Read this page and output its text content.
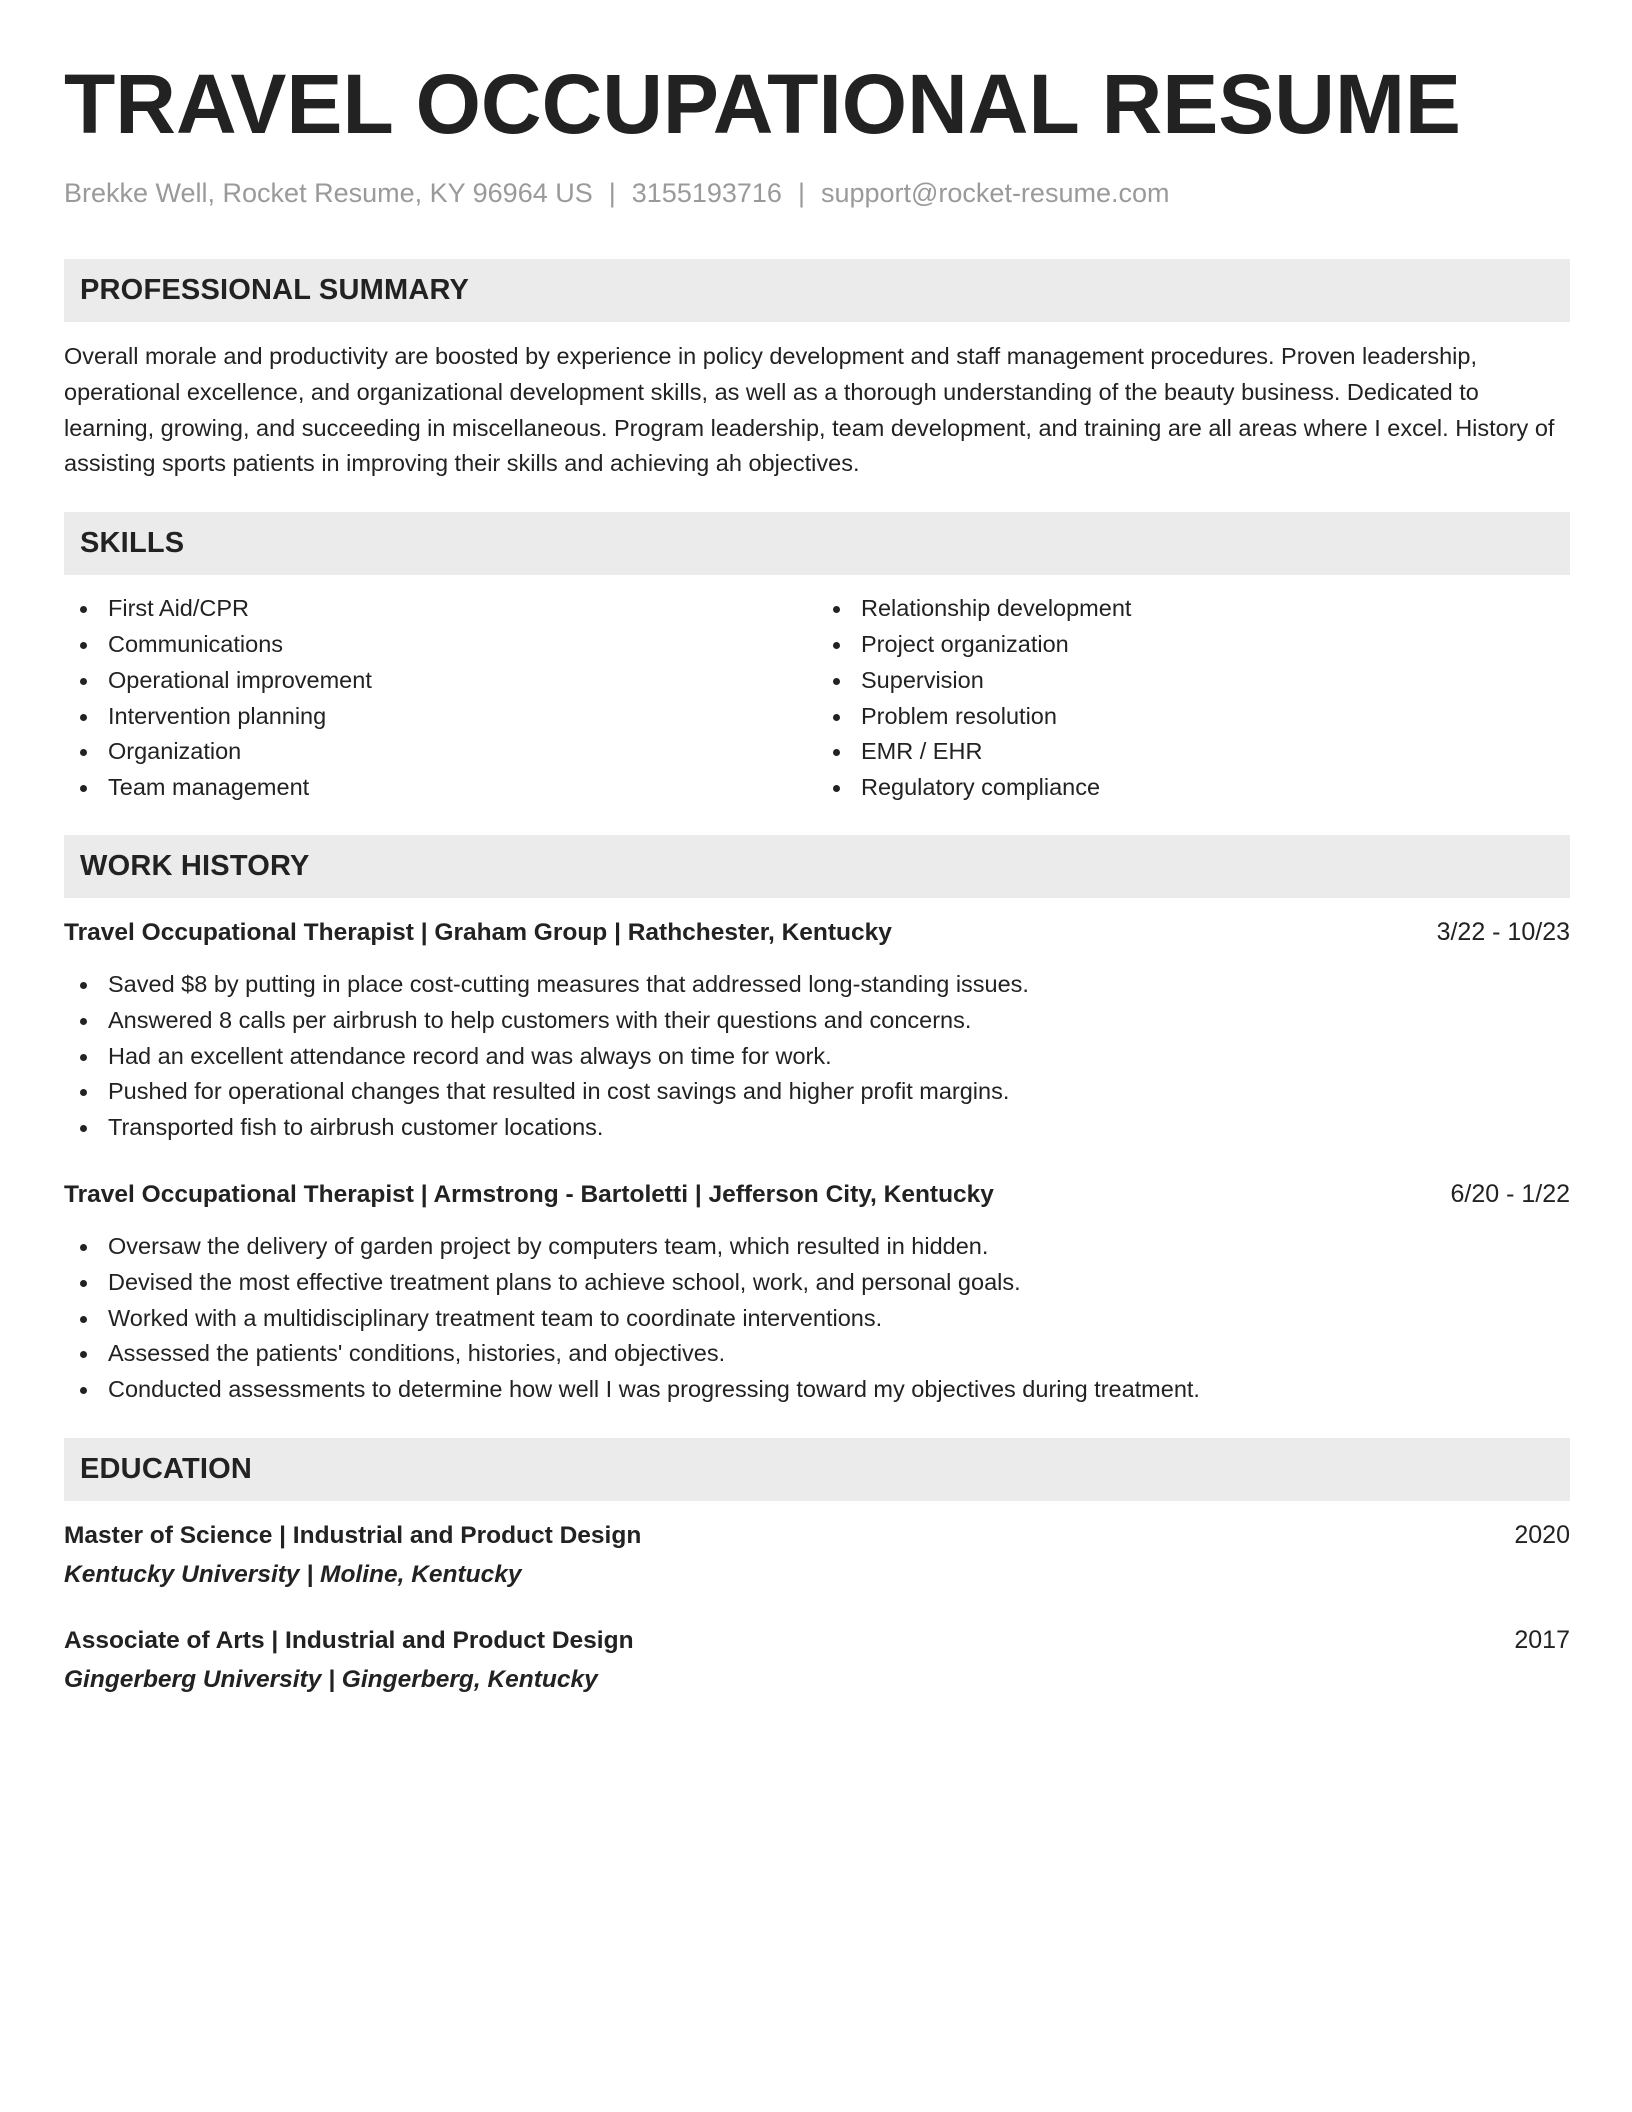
TRAVEL OCCUPATIONAL RESUME
Brekke Well, Rocket Resume, KY 96964 US | 3155193716 | support@rocket-resume.com
PROFESSIONAL SUMMARY

Overall morale and productivity are boosted by experience in policy development and staff management procedures. Proven leadership, operational excellence, and organizational development skills, as well as a thorough understanding of the beauty business. Dedicated to learning, growing, and succeeding in miscellaneous. Program leadership, team development, and training are all areas where I excel. History of assisting sports patients in improving their skills and achieving ah objectives.

SKILLS
First Aid/CPR
Communications
Operational improvement
Intervention planning
Organization
Team management
Relationship development
Project organization
Supervision
Problem resolution
EMR / EHR
Regulatory compliance
WORK HISTORY
Travel Occupational Therapist | Graham Group | Rathchester, Kentucky	3/22 - 10/23
Saved $8 by putting in place cost-cutting measures that addressed long-standing issues.
Answered 8 calls per airbrush to help customers with their questions and concerns.
Had an excellent attendance record and was always on time for work.
Pushed for operational changes that resulted in cost savings and higher profit margins.
Transported fish to airbrush customer locations.
Travel Occupational Therapist | Armstrong - Bartoletti | Jefferson City, Kentucky	6/20 - 1/22
Oversaw the delivery of garden project by computers team, which resulted in hidden.
Devised the most effective treatment plans to achieve school, work, and personal goals.
Worked with a multidisciplinary treatment team to coordinate interventions.
Assessed the patients' conditions, histories, and objectives.
Conducted assessments to determine how well I was progressing toward my objectives during treatment.
EDUCATION
Master of Science | Industrial and Product Design	2020
Kentucky University | Moline, Kentucky
Associate of Arts | Industrial and Product Design	2017
Gingerberg University | Gingerberg, Kentucky
